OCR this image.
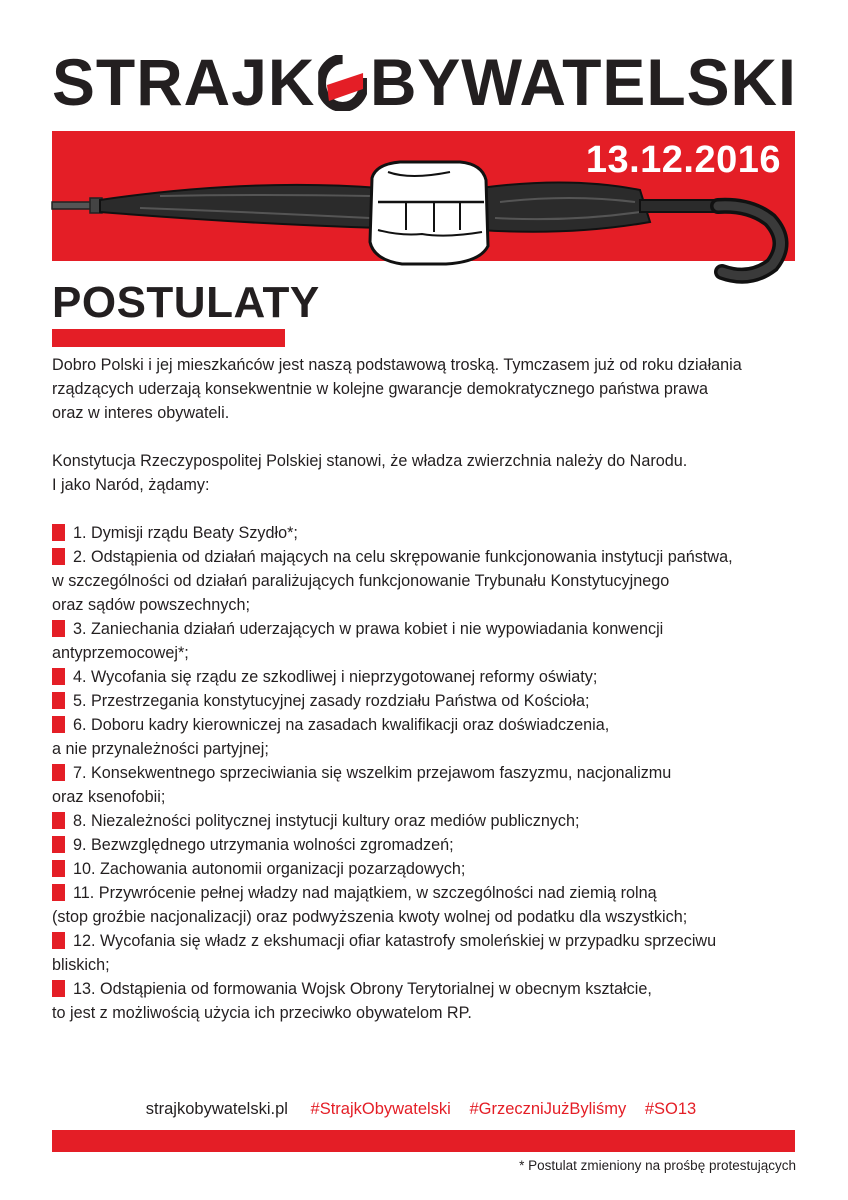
STRAJK BYWATELSKI
13.12.2016
POSTULATY

Dobro Polski i jej mieszkańców jest naszą podstawową troską. Tymczasem już od roku działania

rządzących uderzają konsekwentnie w kolejne gwarancje demokratycznego państwa prawa

oraz w interes obywateli.

Konstytucja Rzeczypospolitej Polskiej stanowi, że władza zwierzchnia należy do Narodu.

I jako Naród, żądamy:

1. Dymisji rządu Beaty Szydło*;

2. Odstąpienia od działań mających na celu skrępowanie funkcjonowania instytucji państwa,

w szczególności od działań paraliżujących funkcjonowanie Trybunału Konstytucyjnego

oraz sądów powszechnych;

3. Zaniechania działań uderzających w prawa kobiet i nie wypowiadania konwencji

antyprzemocowej*;

4. Wycofania się rządu ze szkodliwej i nieprzygotowanej reformy oświaty;

5. Przestrzegania konstytucyjnej zasady rozdziału Państwa od Kościoła;

6. Doboru kadry kierowniczej na zasadach kwalifikacji oraz doświadczenia,

a nie przynależności partyjnej;

7. Konsekwentnego sprzeciwiania się wszelkim przejawom faszyzmu, nacjonalizmu

oraz ksenofobii;

8. Niezależności politycznej instytucji kultury oraz mediów publicznych;

9. Bezwzględnego utrzymania wolności zgromadzeń;

10. Zachowania autonomii organizacji pozarządowych;

11. Przywrócenie pełnej władzy nad majątkiem, w szczególności nad ziemią rolną

(stop groźbie nacjonalizacji) oraz podwyższenia kwoty wolnej od podatku dla wszystkich;

12. Wycofania się władz z ekshumacji ofiar katastrofy smoleńskiej w przypadku sprzeciwu

bliskich;

13. Odstąpienia od formowania Wojsk Obrony Terytorialnej w obecnym kształcie,

to jest z możliwością użycia ich przeciwko obywatelom RP.

strajkobywatelski.pl #StrajkObywatelski #GrzeczniJużByliśmy #SO13
* Postulat zmieniony na prośbę protestujących
